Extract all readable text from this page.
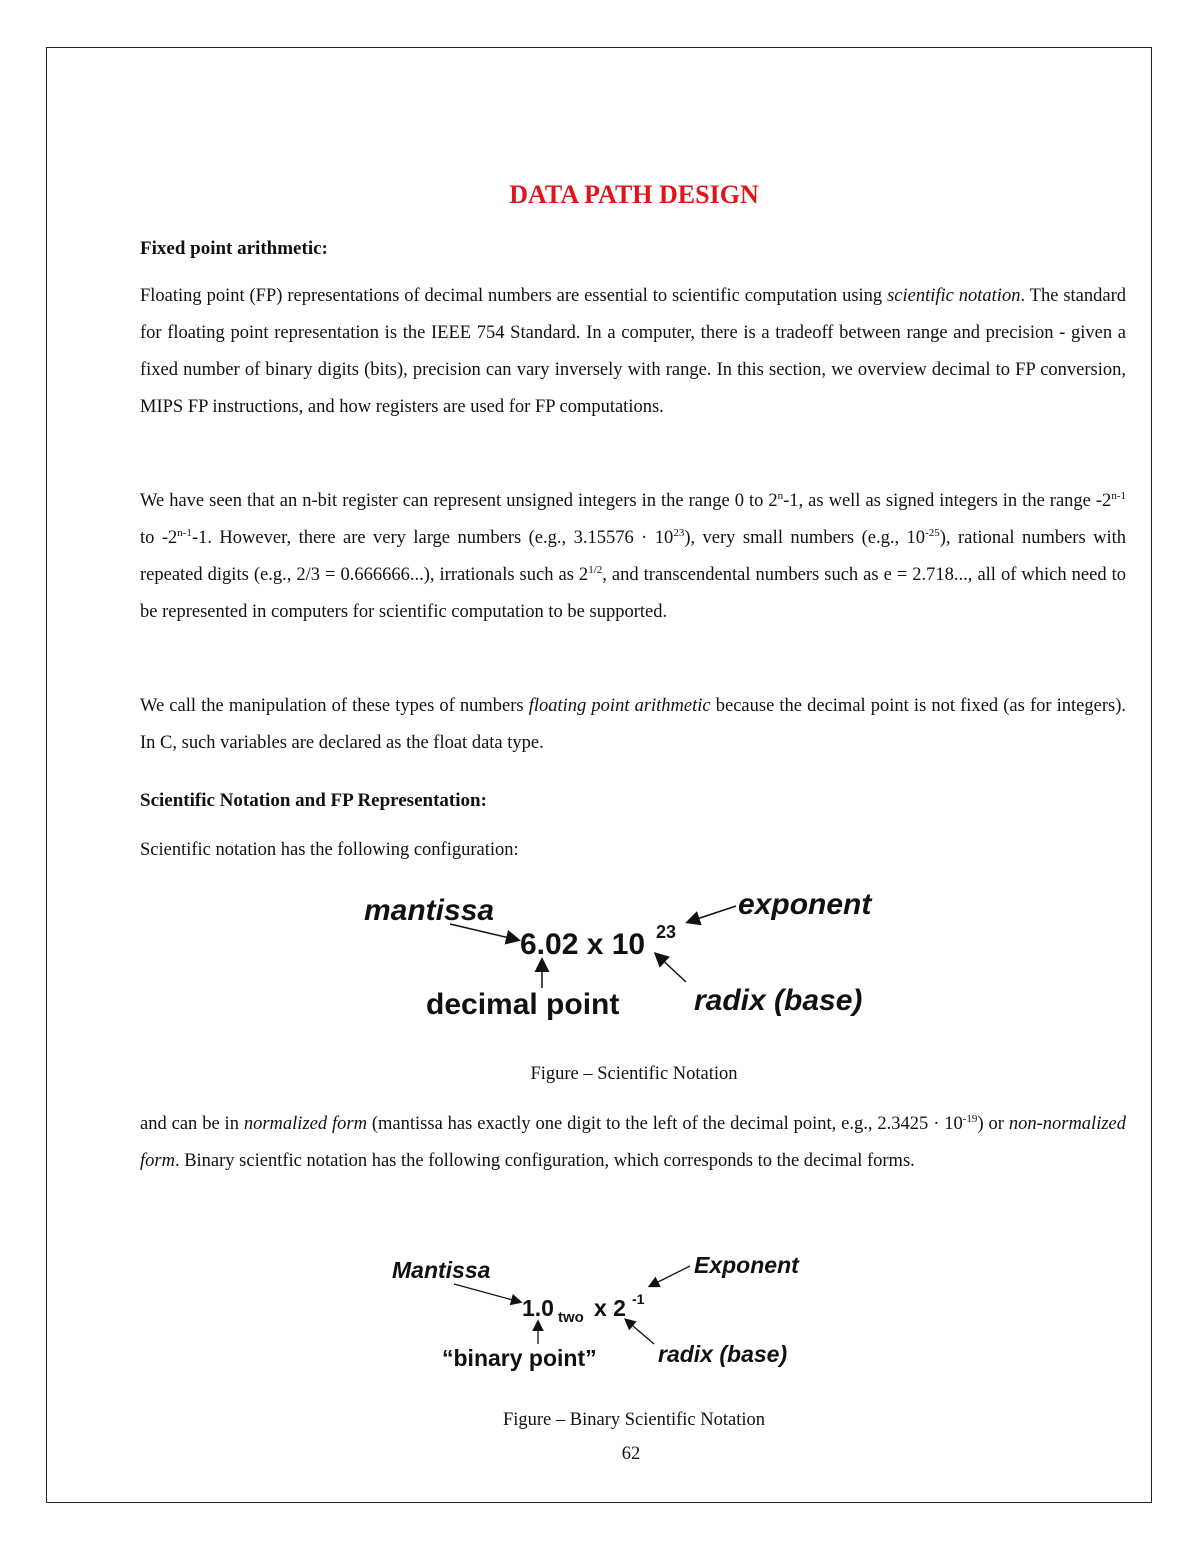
DATA PATH DESIGN
Fixed point arithmetic:
Floating point (FP) representations of decimal numbers are essential to scientific computation using scientific notation. The standard for floating point representation is the IEEE 754 Standard. In a computer, there is a tradeoff between range and precision - given a fixed number of binary digits (bits), precision can vary inversely with range. In this section, we overview decimal to FP conversion, MIPS FP instructions, and how registers are used for FP computations.
We have seen that an n-bit register can represent unsigned integers in the range 0 to 2$^n$-1, as well as signed integers in the range -2$^{n-1}$ to -2$^{n-1}$-1. However, there are very large numbers (e.g., $3.15576 \cdot 10^{23}$), very small numbers (e.g., $10^{-25}$), rational numbers with repeated digits (e.g., 2/3 = 0.666666...), irrationals such as $2^{1/2}$, and transcendental numbers such as e = 2.718..., all of which need to be represented in computers for scientific computation to be supported.
We call the manipulation of these types of numbers floating point arithmetic because the decimal point is not fixed (as for integers). In C, such variables are declared as the float data type.
Scientific Notation and FP Representation:
Scientific notation has the following configuration:
mantissa	exponent
6.02 x 10 23
decimal point radix (base)
Figure – Scientific Notation
and can be in normalized form (mantissa has exactly one digit to the left of the decimal point, e.g., $2.3425 \cdot 10^{-19}$) or non-normalized form. Binary scientfic notation has the following configuration, which corresponds to the decimal forms.
Mantissa	Exponent
1.0 two x 2 -1
“binary point”	radix (base)
Figure – Binary Scientific Notation
62
